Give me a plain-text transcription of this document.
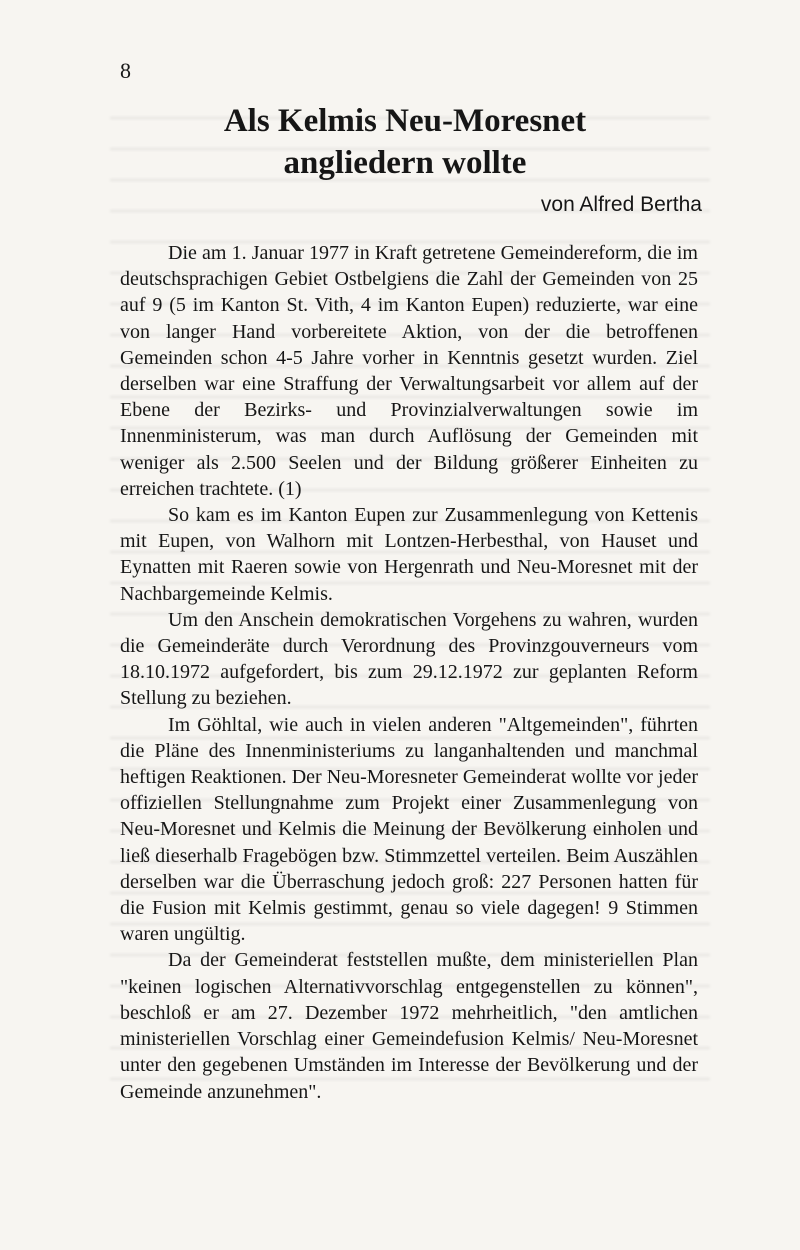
8

Als Kelmis Neu-Moresnet
angliedern wollte

von Alfred Bertha

Die am 1. Januar 1977 in Kraft getretene Gemeindereform, die im deutschsprachigen Gebiet Ostbelgiens die Zahl der Gemeinden von 25 auf 9 (5 im Kanton St. Vith, 4 im Kanton Eupen) reduzierte, war eine von langer Hand vorbereitete Aktion, von der die betroffenen Gemeinden schon 4-5 Jahre vorher in Kenntnis gesetzt wurden. Ziel derselben war eine Straffung der Verwaltungsarbeit vor allem auf der Ebene der Bezirks- und Provinzialverwaltungen sowie im Innenministerum, was man durch Auflösung der Gemeinden mit weniger als 2.500 Seelen und der Bildung größerer Einheiten zu erreichen trachtete. (1)

So kam es im Kanton Eupen zur Zusammenlegung von Kettenis mit Eupen, von Walhorn mit Lontzen-Herbesthal, von Hauset und Eynatten mit Raeren sowie von Hergenrath und Neu-Moresnet mit der Nachbargemeinde Kelmis.

Um den Anschein demokratischen Vorgehens zu wahren, wurden die Gemeinderäte durch Verordnung des Provinzgouverneurs vom 18.10.1972 aufgefordert, bis zum 29.12.1972 zur geplanten Reform Stellung zu beziehen.

Im Göhltal, wie auch in vielen anderen "Altgemeinden", führten die Pläne des Innenministeriums zu langanhaltenden und manchmal heftigen Reaktionen. Der Neu-Moresneter Gemeinderat wollte vor jeder offiziellen Stellungnahme zum Projekt einer Zusammenlegung von Neu-Moresnet und Kelmis die Meinung der Bevölkerung einholen und ließ dieserhalb Fragebögen bzw. Stimmzettel verteilen. Beim Auszählen derselben war die Überraschung jedoch groß: 227 Personen hatten für die Fusion mit Kelmis gestimmt, genau so viele dagegen! 9 Stimmen waren ungültig.

Da der Gemeinderat feststellen mußte, dem ministeriellen Plan "keinen logischen Alternativvorschlag entgegenstellen zu können", beschloß er am 27. Dezember 1972 mehrheitlich, "den amtlichen ministeriellen Vorschlag einer Gemeindefusion Kelmis/ Neu-Moresnet unter den gegebenen Umständen im Interesse der Bevölkerung und der Gemeinde anzunehmen".
